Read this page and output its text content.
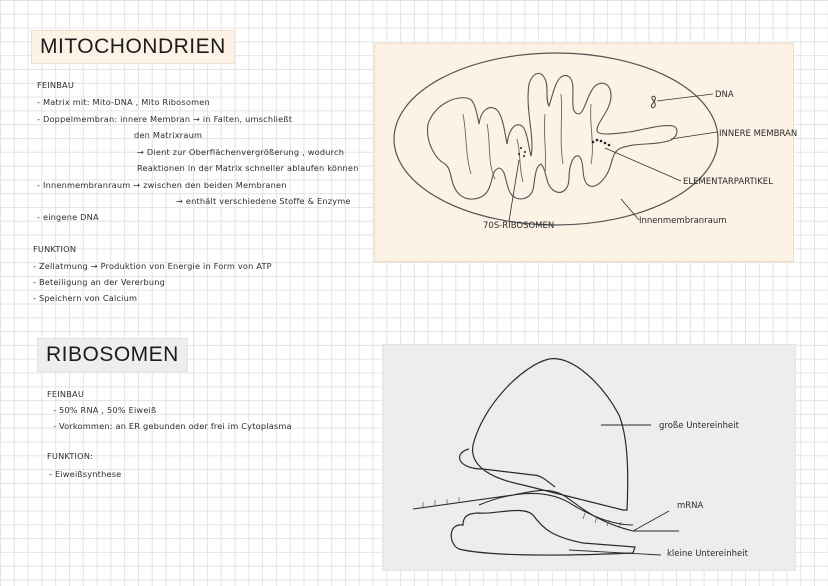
MITOCHONDRIEN
FEINBAU
- Matrix mit: Mito-DNA , Mito Ribosomen
- Doppelmembran: innere Membran → in Falten, umschließt
den Matrixraum
→ Dient zur Oberflächenvergrößerung , wodurch
Reaktionen in der Matrix schneller ablaufen können
- Innenmembranraum → zwischen den beiden Membranen
→ enthält verschiedene Stoffe & Enzyme
- eingene DNA
FUNKTION
- Zellatmung → Produktion von Energie in Form von ATP
- Beteiligung an der Vererbung
- Speichern von Calcium
DNA
INNERE MEMBRAN
ELEMENTARPARTIKEL
Innenmembranraum
70S-RIBOSOMEN
RIBOSOMEN
FEINBAU
- 50% RNA , 50% Eiweiß
- Vorkommen: an ER gebunden oder frei im Cytoplasma
FUNKTION:
- Eiweißsynthese
große Untereinheit
mRNA
kleine Untereinheit
